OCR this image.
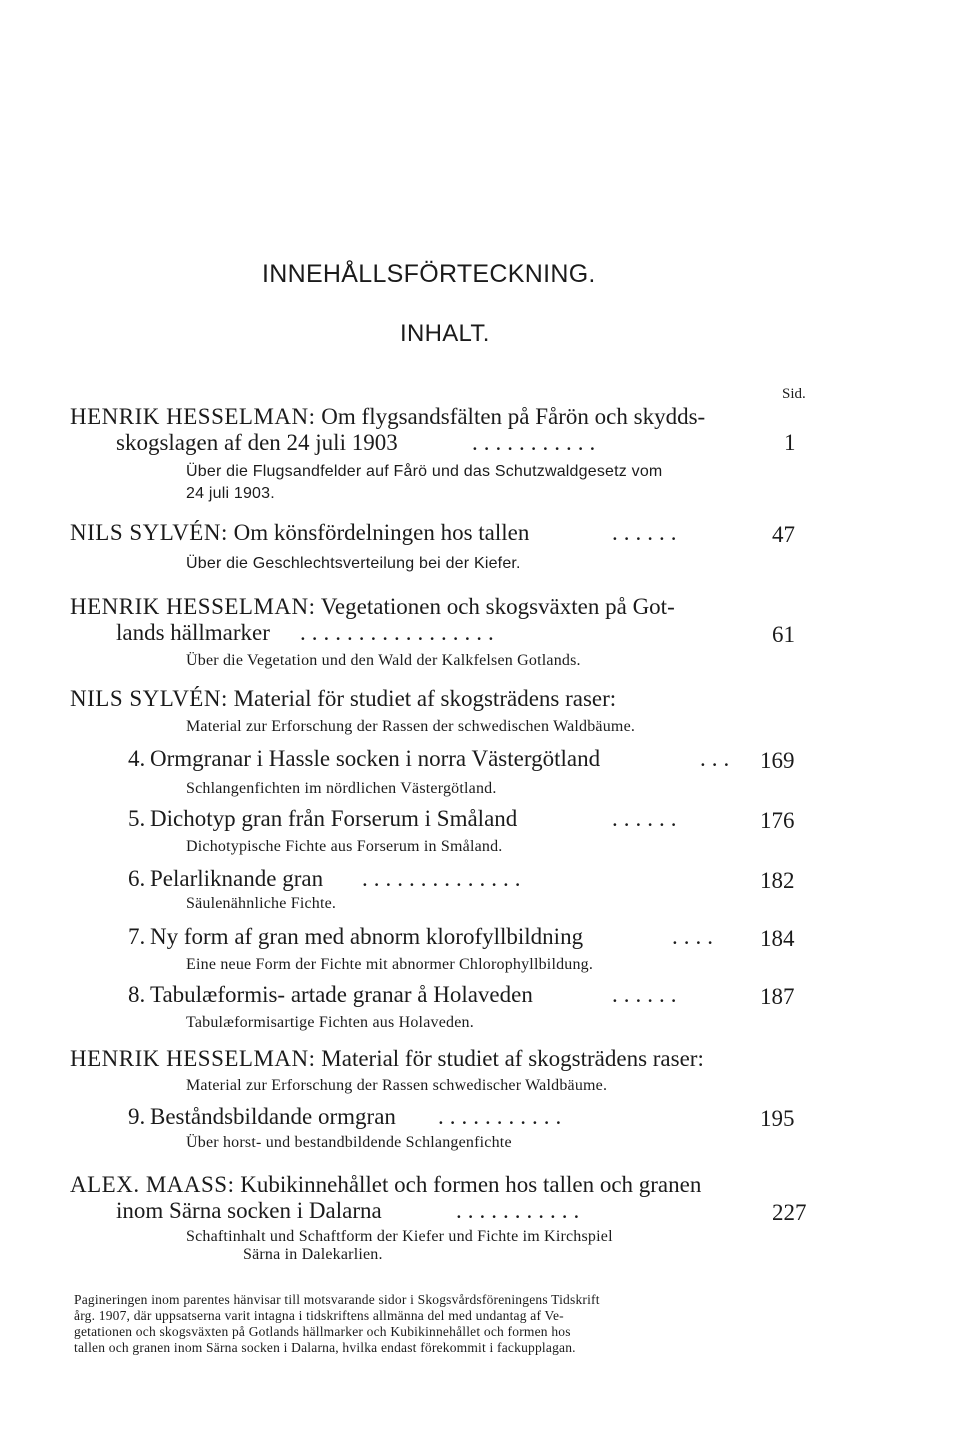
INNEHÅLLSFÖRTECKNING.
INHALT.
Sid.
HENRIK HESSELMAN: Om flygsandsfälten på Fårön och skydds-
skogslagen af den 24 juli 1903	...........	1
Über die Flugsandfelder auf Fårö und das Schutzwaldgesetz vom
24 juli 1903.
NILS SYLVÉN: Om könsfördelningen hos tallen	......	47
Über die Geschlechtsverteilung bei der Kiefer.
HENRIK HESSELMAN: Vegetationen och skogsväxten på Got-
lands hällmarker .................	61
Über die Vegetation und den Wald der Kalkfelsen Gotlands.
NILS SYLVÉN: Material för studiet af skogsträdens raser:
Material zur Erforschung der Rassen der schwedischen Waldbäume.
4. Ormgranar i Hassle socken i norra Västergötland	... 169
Schlangenfichten im nördlichen Västergötland.
5. Dichotyp gran från Forserum i Småland	......	176
Dichotypische Fichte aus Forserum in Småland.
6. Pelarliknande gran ..............	182
Säulenähnliche Fichte.
7. Ny form af gran med abnorm klorofyllbildning	.... 184
Eine neue Form der Fichte mit abnormer Chlorophyllbildung.
8. Tabulæformis- artade granar å Holaveden	......	187
Tabulæformisartige Fichten aus Holaveden.
HENRIK HESSELMAN: Material för studiet af skogsträdens raser:
Material zur Erforschung der Rassen schwedischer Waldbäume.
9. Beståndsbildande ormgran ...........	195
Über horst- und bestandbildende Schlangenfichte
ALEX. MAASS: Kubikinnehållet och formen hos tallen och granen
inom Särna socken i Dalarna	...........	227
Schaftinhalt und Schaftform der Kiefer und Fichte im Kirchspiel
Särna in Dalekarlien.
Pagineringen inom parentes hänvisar till motsvarande sidor i Skogsvårdsföreningens Tidskrift
årg. 1907, där uppsatserna varit intagna i tidskriftens allmänna del med undantag af Ve-
getationen och skogsväxten på Gotlands hällmarker och Kubikinnehållet och formen hos
tallen och granen inom Särna socken i Dalarna, hvilka endast förekommit i fackupplagan.
